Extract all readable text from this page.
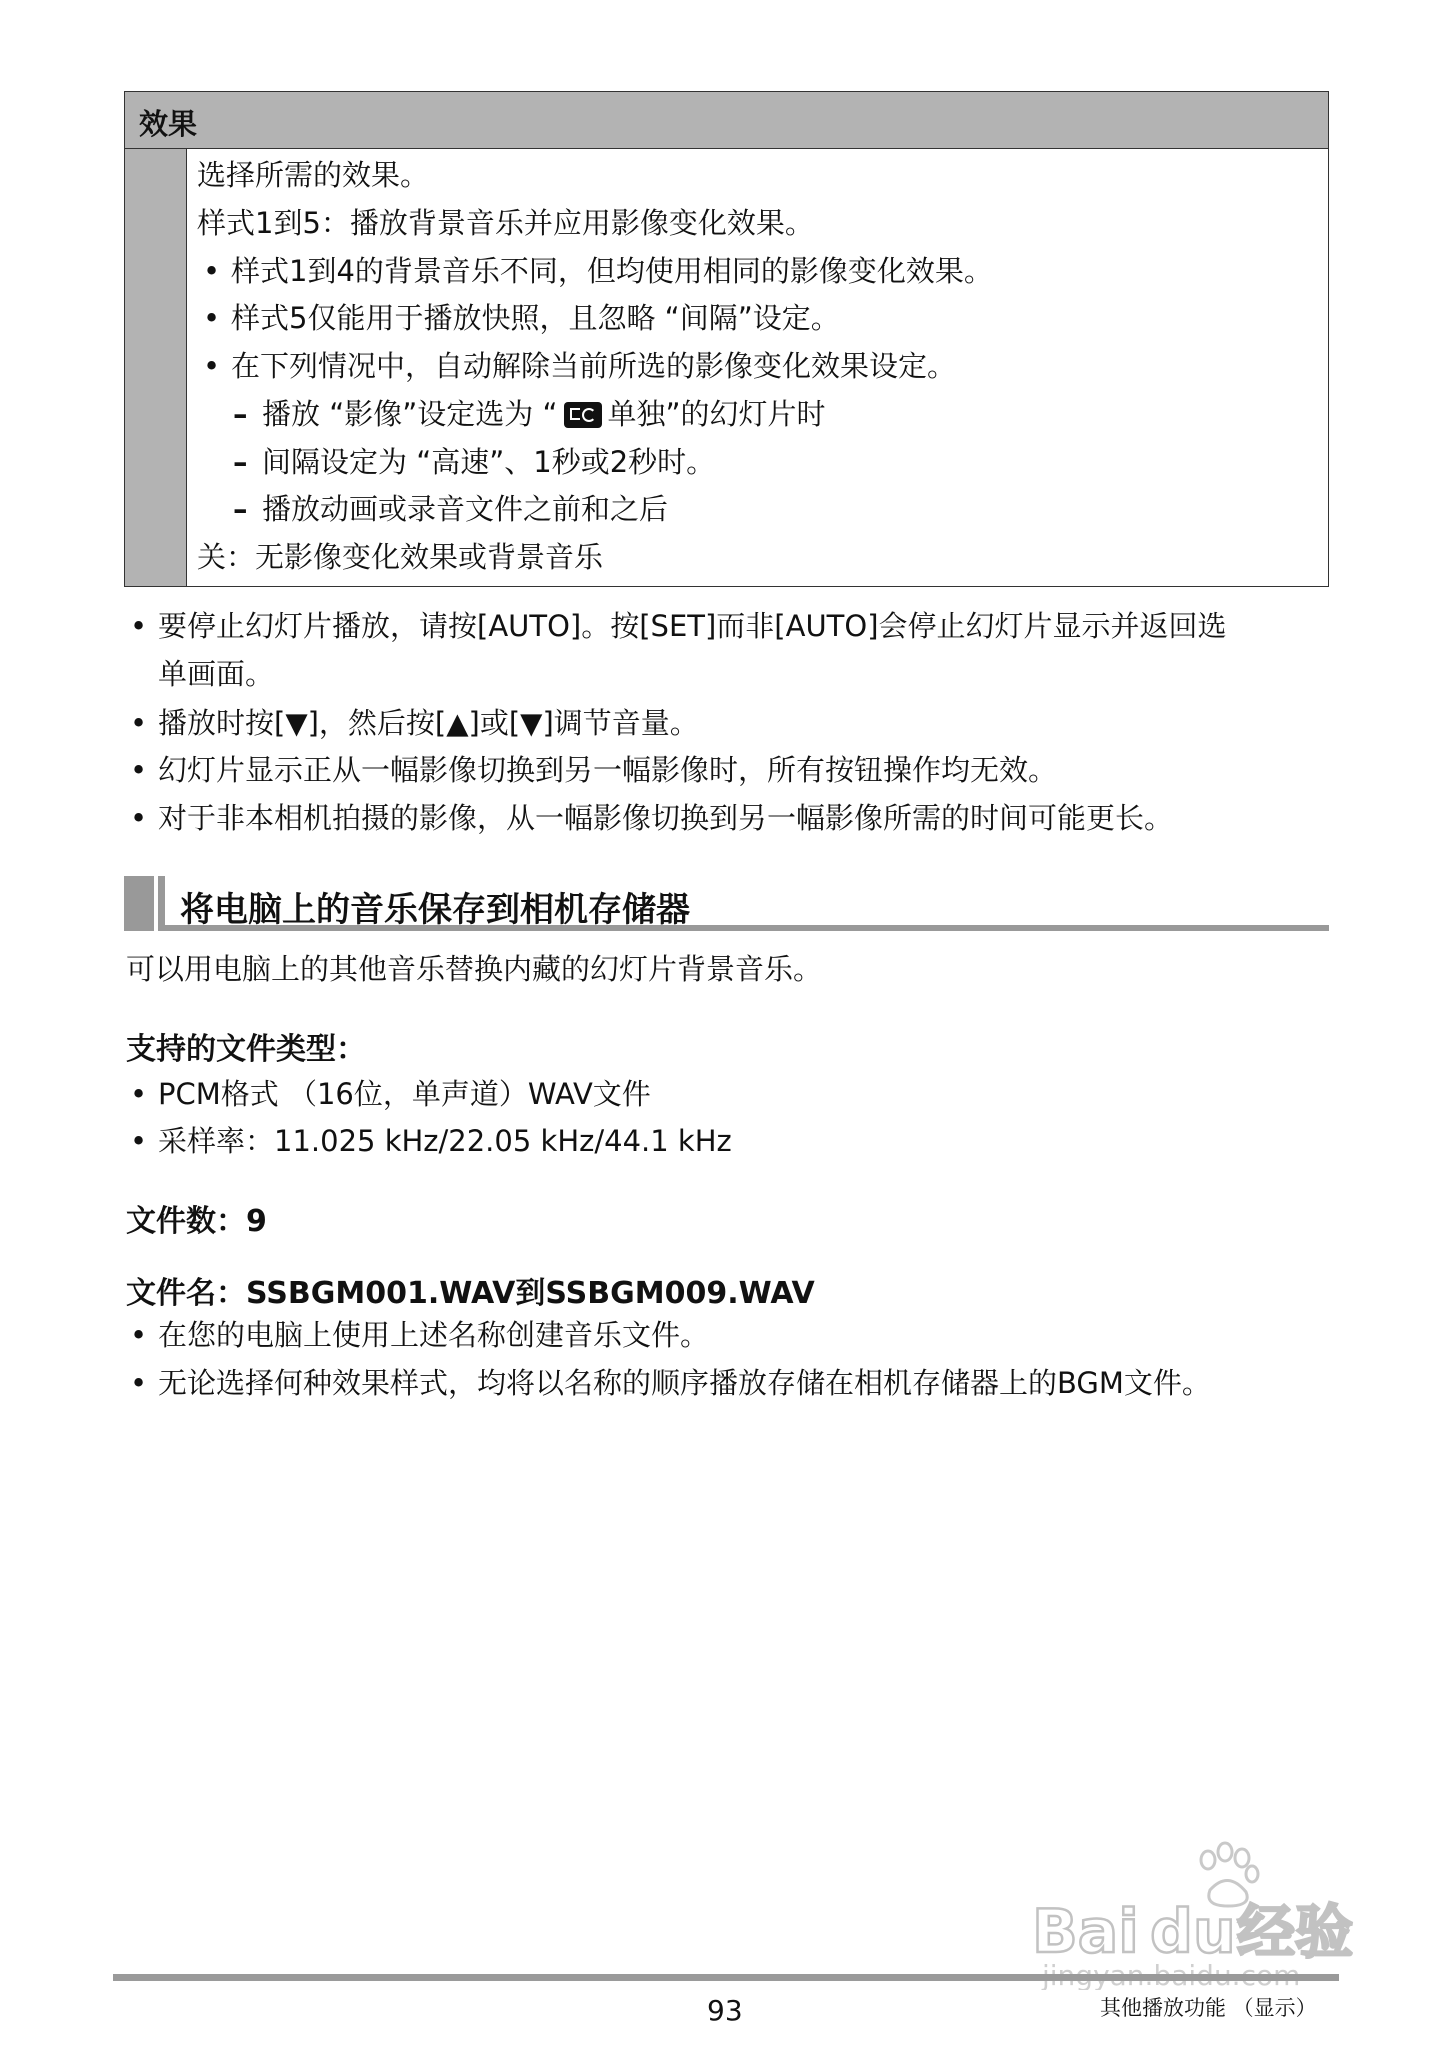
效果
选择所需的效果。
样式1到5：播放背景音乐并应用影像变化效果。
• 样式1到4的背景音乐不同，但均使用相同的影像变化效果。
• 样式5仅能用于播放快照，且忽略 “间隔”设定。
• 在下列情况中，自动解除当前所选的影像变化效果设定。
– 播放 “影像”设定选为 “ 单独”的幻灯片时
– 间隔设定为 “高速”、1秒或2秒时。
– 播放动画或录音文件之前和之后
关：无影像变化效果或背景音乐
• 要停止幻灯片播放，请按[AUTO]。按[SET]而非[AUTO]会停止幻灯片显示并返回选
单画面。
• 播放时按[▼]，然后按[▲]或[▼]调节音量。
• 幻灯片显示正从一幅影像切换到另一幅影像时，所有按钮操作均无效。
• 对于非本相机拍摄的影像，从一幅影像切换到另一幅影像所需的时间可能更长。
将电脑上的音乐保存到相机存储器
可以用电脑上的其他音乐替换内藏的幻灯片背景音乐。
支持的文件类型：
• PCM格式 （16位，单声道）WAV文件
• 采样率：11.025 kHz/22.05 kHz/44.1 kHz
文件数：9
文件名：SSBGM001.WAV到SSBGM009.WAV
• 在您的电脑上使用上述名称创建音乐文件。
• 无论选择何种效果样式，均将以名称的顺序播放存储在相机存储器上的BGM文件。
Bai du 经验
93	其他播放功能 （显示）
